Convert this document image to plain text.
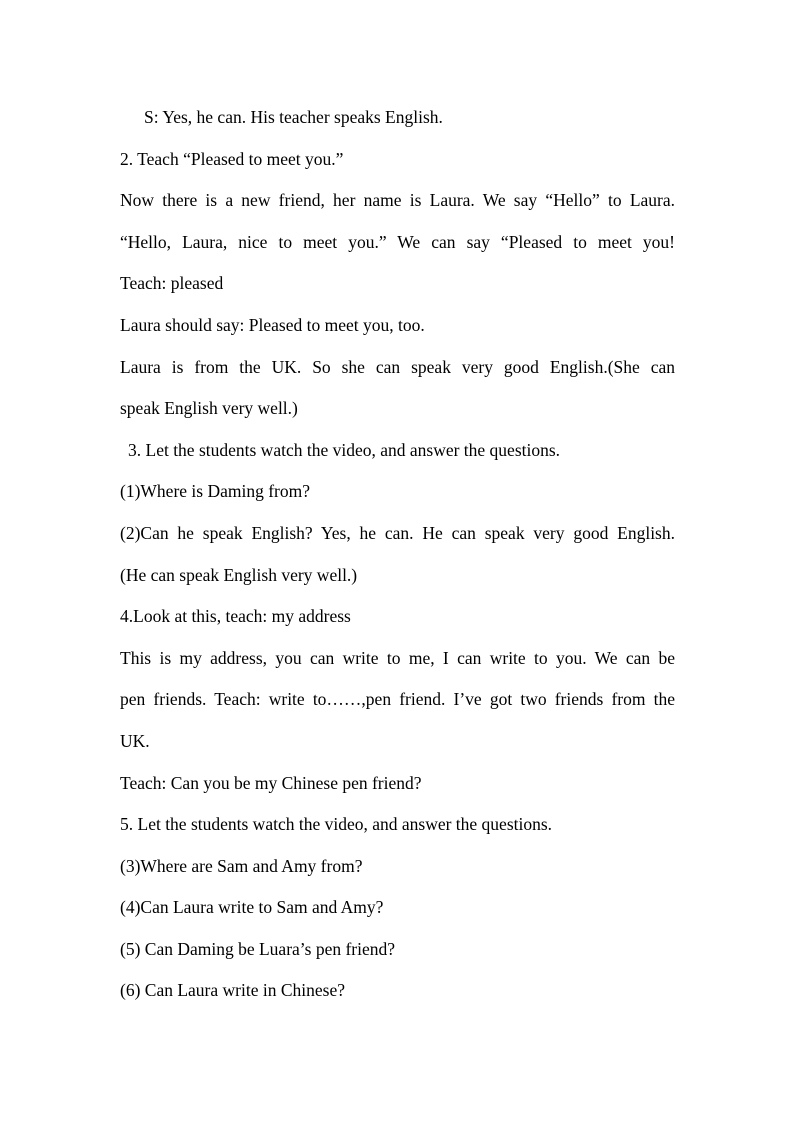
S: Yes, he can. His teacher speaks English.
2. Teach “Pleased to meet you.”
Now there is a new friend, her name is Laura. We say “Hello” to Laura.
“Hello, Laura, nice to meet you.” We can say “Pleased to meet you!
Teach: pleased
Laura should say: Pleased to meet you, too.
Laura is from the UK. So she can speak very good English.(She can
speak English very well.)
3. Let the students watch the video, and answer the questions.
(1)Where is Daming from?
(2)Can he speak English? Yes, he can. He can speak very good English.
(He can speak English very well.)
4.Look at this, teach: my address
This is my address, you can write to me, I can write to you. We can be
pen friends. Teach: write to……,pen friend. I’ve got two friends from the
UK.
Teach: Can you be my Chinese pen friend?
5. Let the students watch the video, and answer the questions.
(3)Where are Sam and Amy from?
(4)Can Laura write to Sam and Amy?
(5) Can Daming be Luara’s pen friend?
(6) Can Laura write in Chinese?
